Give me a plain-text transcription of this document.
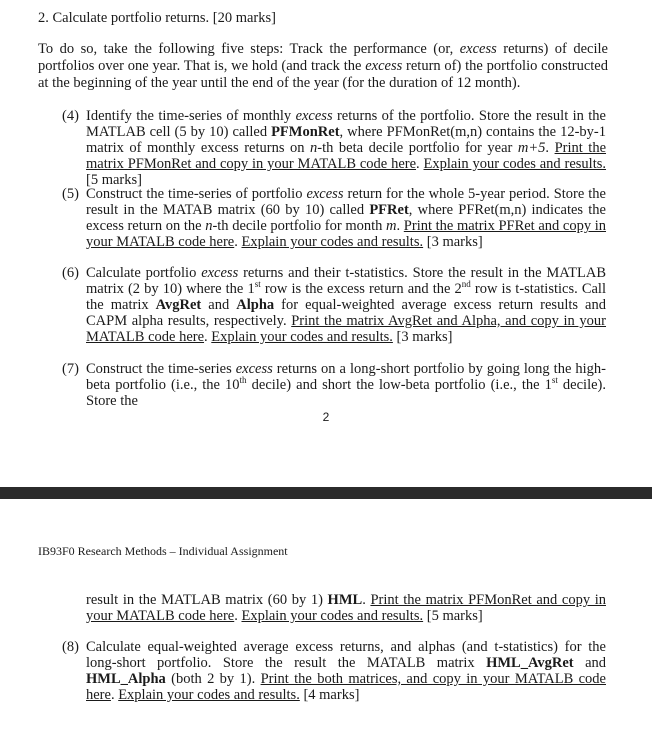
2. Calculate portfolio returns. [20 marks]
To do so, take the following five steps: Track the performance (or, excess returns) of decile portfolios over one year. That is, we hold (and track the excess return of) the portfolio constructed at the beginning of the year until the end of the year (for the duration of 12 month).
(4) Identify the time-series of monthly excess returns of the portfolio. Store the result in the MATLAB cell (5 by 10) called PFMonRet, where PFMonRet(m,n) contains the 12-by-1 matrix of monthly excess returns on n-th beta decile portfolio for year m+5. Print the matrix PFMonRet and copy in your MATALB code here. Explain your codes and results. [5 marks]
(5) Construct the time-series of portfolio excess return for the whole 5-year period. Store the result in the MATAB matrix (60 by 10) called PFRet, where PFRet(m,n) indicates the excess return on the n-th decile portfolio for month m. Print the matrix PFRet and copy in your MATALB code here. Explain your codes and results. [3 marks]
(6) Calculate portfolio excess returns and their t-statistics. Store the result in the MATLAB matrix (2 by 10) where the 1st row is the excess return and the 2nd row is t-statistics. Call the matrix AvgRet and Alpha for equal-weighted average excess return results and CAPM alpha results, respectively. Print the matrix AvgRet and Alpha, and copy in your MATALB code here. Explain your codes and results. [3 marks]
(7) Construct the time-series excess returns on a long-short portfolio by going long the high-beta portfolio (i.e., the 10th decile) and short the low-beta portfolio (i.e., the 1st decile). Store the
2
IB93F0 Research Methods – Individual Assignment
result in the MATLAB matrix (60 by 1) HML. Print the matrix PFMonRet and copy in your MATALB code here. Explain your codes and results. [5 marks]
(8) Calculate equal-weighted average excess returns, and alphas (and t-statistics) for the long-short portfolio. Store the result the MATALB matrix HML_AvgRet and HML_Alpha (both 2 by 1). Print the both matrices, and copy in your MATALB code here. Explain your codes and results. [4 marks]
